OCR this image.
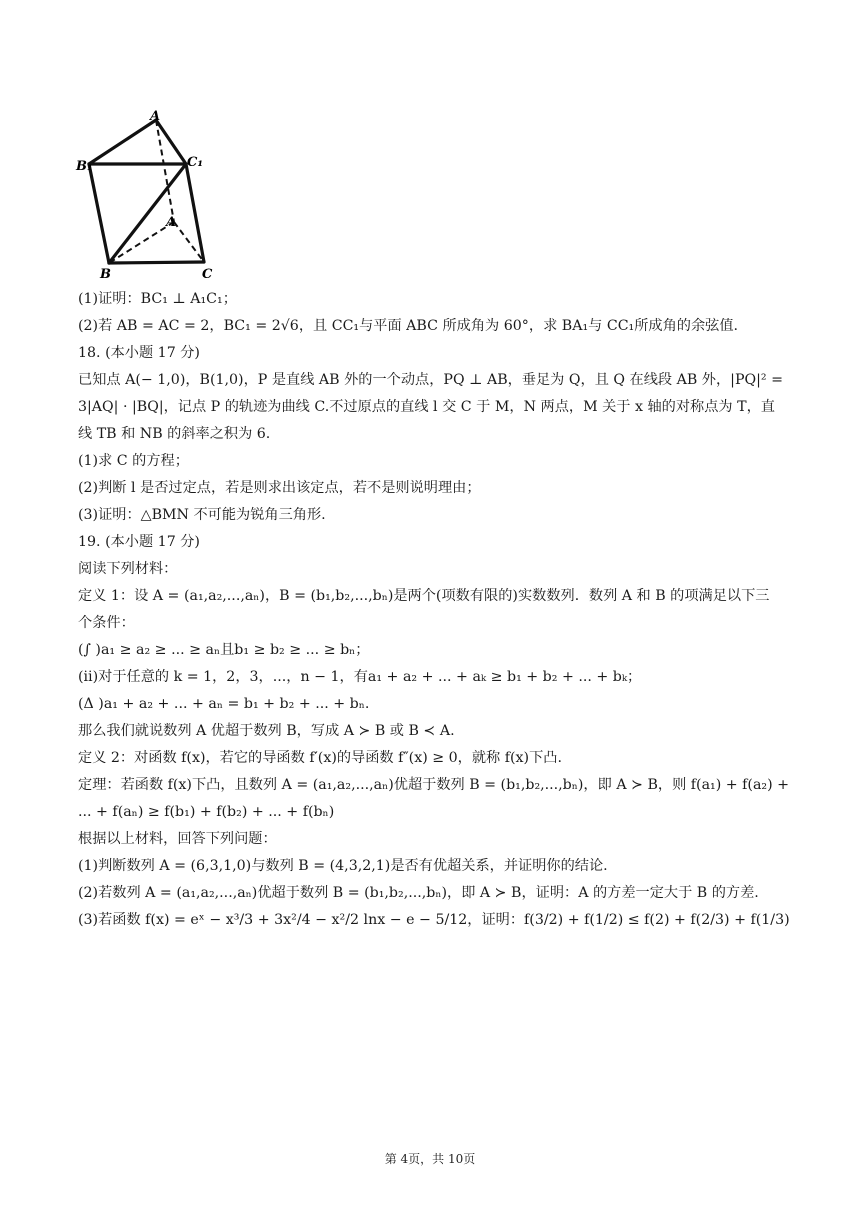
A
B₁	C₁
A
B	C
(1)证明：BC₁ ⊥ A₁C₁；
(2)若 AB = AC = 2，BC₁ = 2√6，且 CC₁与平面 ABC 所成角为 60°，求 BA₁与 CC₁所成角的余弦值.
18. (本小题 17 分)
已知点 A(− 1,0)，B(1,0)，P 是直线 AB 外的一个动点，PQ ⊥ AB，垂足为 Q，且 Q 在线段 AB 外，|PQ|² =
3|AQ| · |BQ|，记点 P 的轨迹为曲线 C.不过原点的直线 l 交 C 于 M，N 两点，M 关于 x 轴的对称点为 T，直
线 TB 和 NB 的斜率之积为 6.
(1)求 C 的方程；
(2)判断 l 是否过定点，若是则求出该定点，若不是则说明理由；
(3)证明：△BMN 不可能为锐角三角形.
19. (本小题 17 分)
阅读下列材料：
定义 1：设 A = (a₁,a₂,...,aₙ)，B = (b₁,b₂,...,bₙ)是两个(项数有限的)实数数列．数列 A 和 B 的项满足以下三
个条件：
(∫ )a₁ ≥ a₂ ≥ ... ≥ aₙ且b₁ ≥ b₂ ≥ ... ≥ bₙ；
(ⅱ)对于任意的 k = 1，2，3，...，n − 1，有a₁ + a₂ + ... + aₖ ≥ b₁ + b₂ + ... + bₖ；
(Δ )a₁ + a₂ + ... + aₙ = b₁ + b₂ + ... + bₙ.
那么我们就说数列 A 优超于数列 B，写成 A ≻ B 或 B ≺ A.
定义 2：对函数 f(x)，若它的导函数 f′(x)的导函数 f″(x) ≥ 0，就称 f(x)下凸.
定理：若函数 f(x)下凸，且数列 A = (a₁,a₂,...,aₙ)优超于数列 B = (b₁,b₂,...,bₙ)，即 A ≻ B，则 f(a₁) + f(a₂) +
... + f(aₙ) ≥ f(b₁) + f(b₂) + ... + f(bₙ)
根据以上材料，回答下列问题：
(1)判断数列 A = (6,3,1,0)与数列 B = (4,3,2,1)是否有优超关系，并证明你的结论.
(2)若数列 A = (a₁,a₂,...,aₙ)优超于数列 B = (b₁,b₂,...,bₙ)，即 A ≻ B，证明：A 的方差一定大于 B 的方差.
(3)若函数 f(x) = eˣ − x³/3 + 3x²/4 − x²/2 lnx − e − 5/12，证明：f(3/2) + f(1/2) ≤ f(2) + f(2/3) + f(1/3)
第 4页，共 10页
